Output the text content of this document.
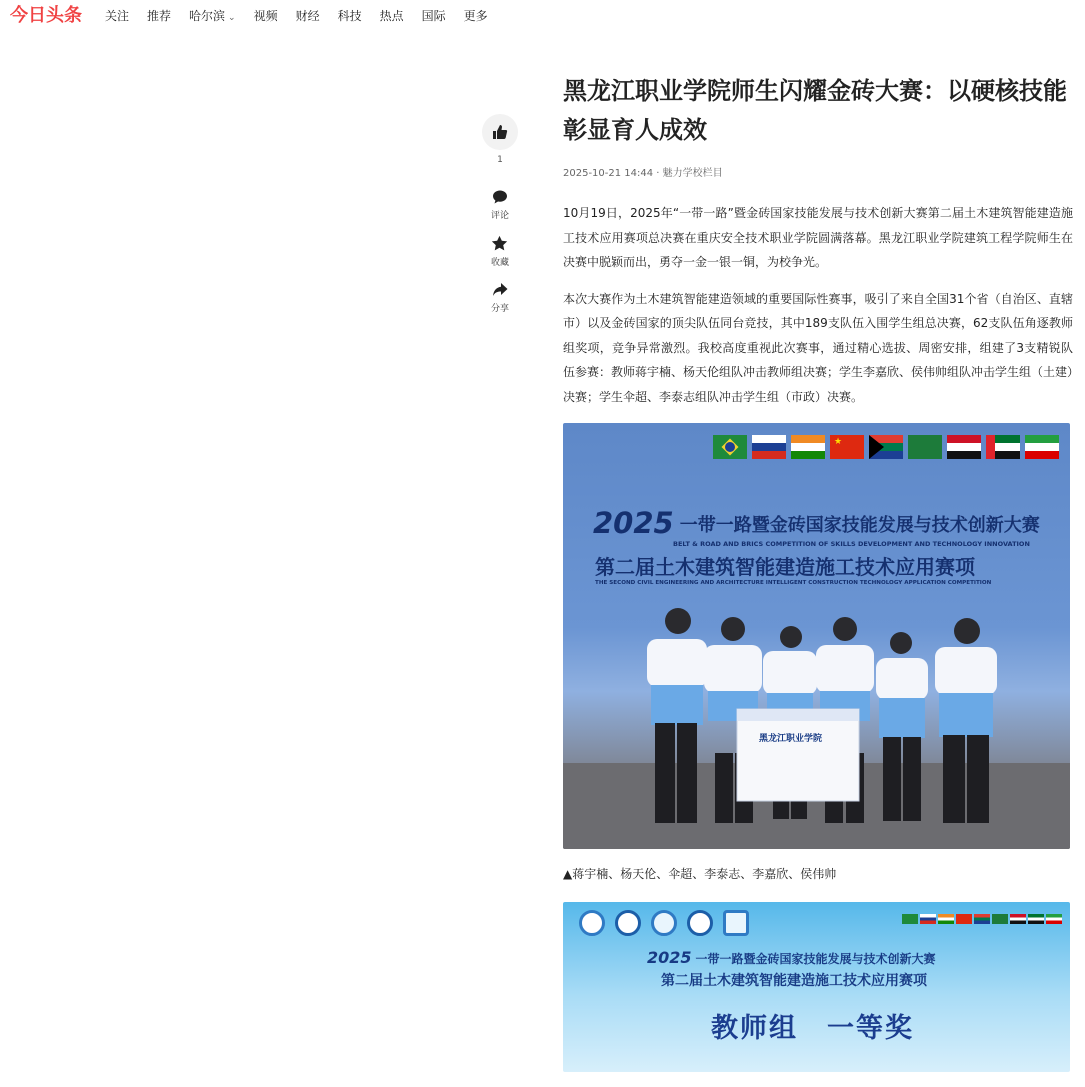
今日头条 关注 推荐 哈尔滨 ⌄ 视频 财经 科技 热点 国际 更多
1
评论
收藏
分享
黑龙江职业学院师生闪耀金砖大赛：以硬核技能彰显育人成效
2025-10-21 14:44 · 魅力学校栏目

10月19日，2025年“一带一路”暨金砖国家技能发展与技术创新大赛第二届土木建筑智能建造施工技术应用赛项总决赛在重庆安全技术职业学院圆满落幕。黑龙江职业学院建筑工程学院师生在决赛中脱颖而出，勇夺一金一银一铜，为校争光。

本次大赛作为土木建筑智能建造领域的重要国际性赛事，吸引了来自全国31个省（自治区、直辖市）以及金砖国家的顶尖队伍同台竞技，其中189支队伍入围学生组总决赛，62支队伍角逐教师组奖项，竞争异常激烈。我校高度重视此次赛事，通过精心选拔、周密安排，组建了3支精锐队伍参赛：教师蒋宇楠、杨天伦组队冲击教师组决赛；学生李嘉欣、侯伟帅组队冲击学生组（土建）决赛；学生伞超、李泰志组队冲击学生组（市政）决赛。

★
2025 一带一路暨金砖国家技能发展与技术创新大赛
BELT & ROAD AND BRICS COMPETITION OF SKILLS DEVELOPMENT AND TECHNOLOGY INNOVATION
第二届土木建筑智能建造施工技术应用赛项
THE SECOND CIVIL ENGINEERING AND ARCHITECTURE INTELLIGENT CONSTRUCTION TECHNOLOGY APPLICATION COMPETITION
黑龙江职业学院
▲蒋宇楠、杨天伦、伞超、李泰志、李嘉欣、侯伟帅
2025 一带一路暨金砖国家技能发展与技术创新大赛
第二届土木建筑智能建造施工技术应用赛项
教师组　一等奖
